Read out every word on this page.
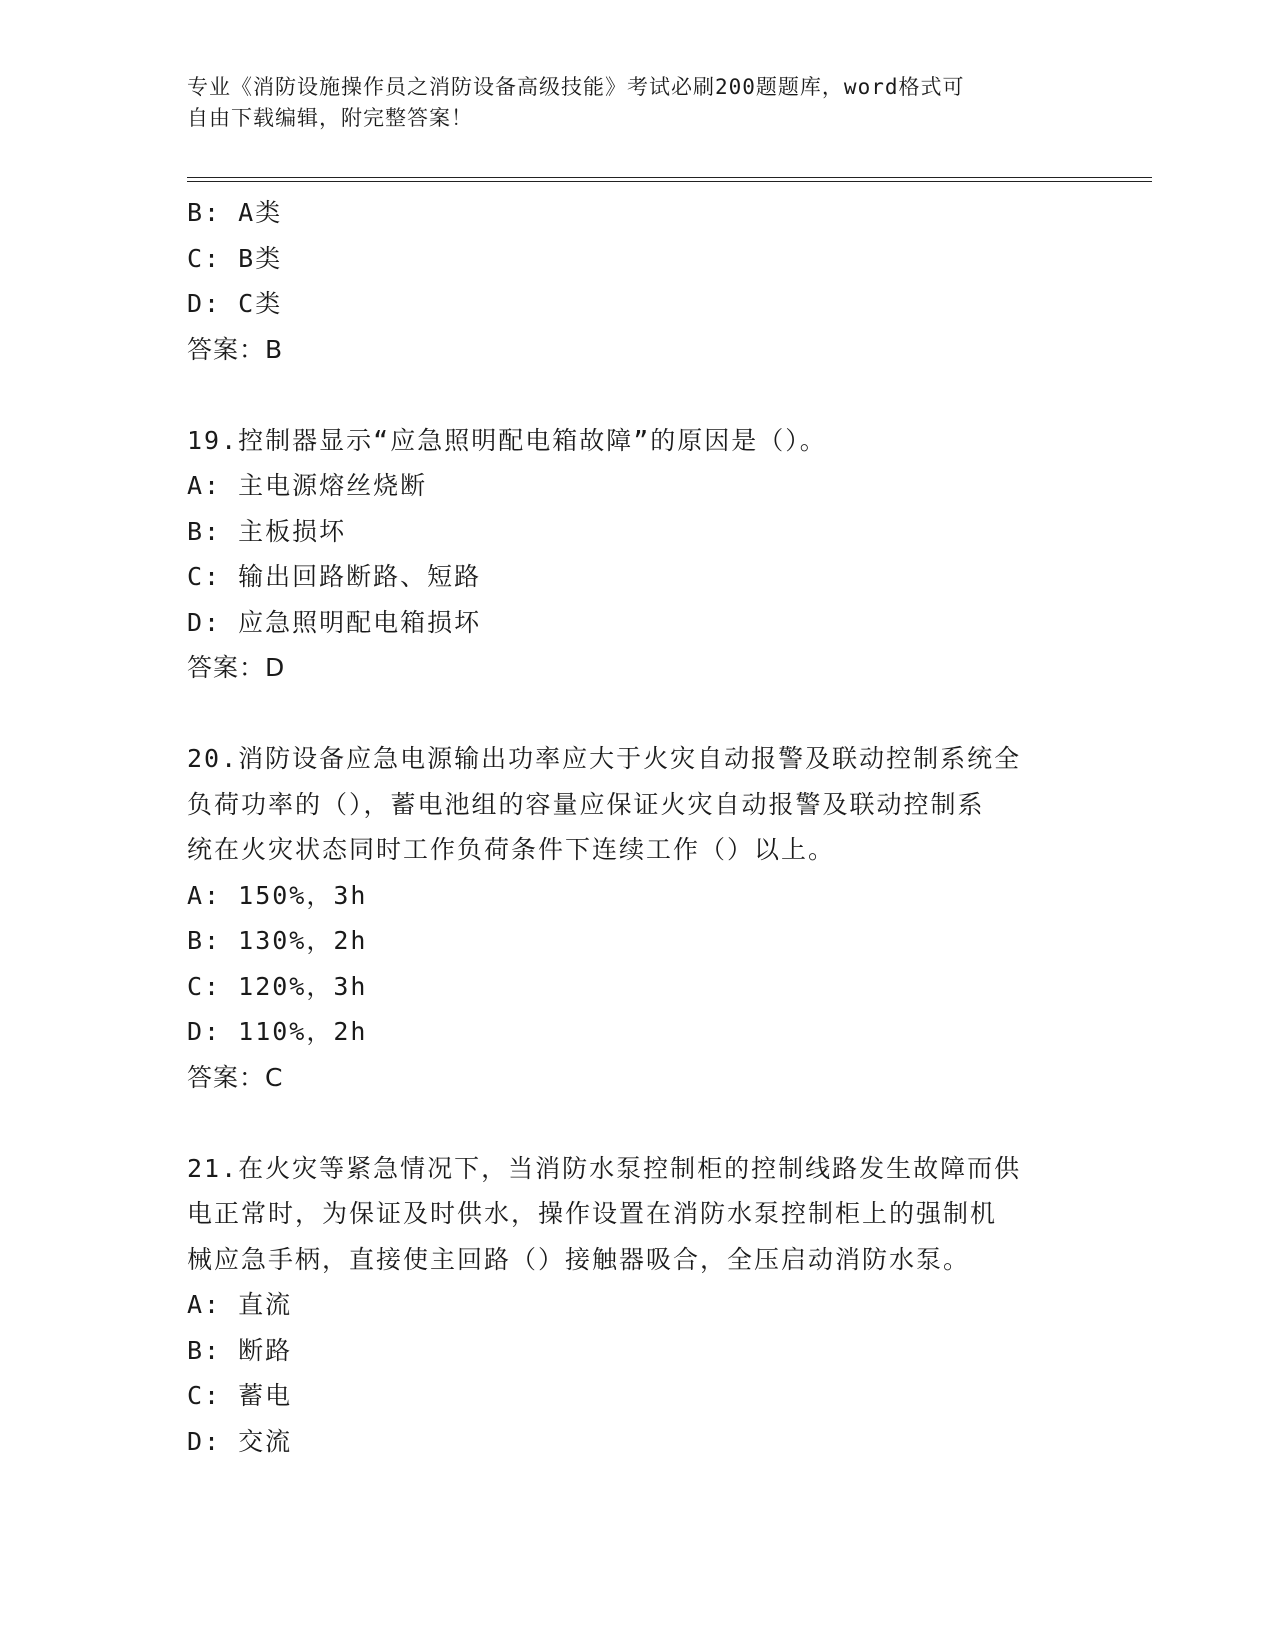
专业《消防设施操作员之消防设备高级技能》考试必刷200题题库，word格式可
自由下载编辑，附完整答案！
B: A类
C: B类
D: C类
答案：B
19.控制器显示“应急照明配电箱故障”的原因是（）。
A: 主电源熔丝烧断
B: 主板损坏
C: 输出回路断路、短路
D: 应急照明配电箱损坏
答案：D
20.消防设备应急电源输出功率应大于火灾自动报警及联动控制系统全
负荷功率的（），蓄电池组的容量应保证火灾自动报警及联动控制系
统在火灾状态同时工作负荷条件下连续工作（）以上。
A: 150%，3h
B: 130%，2h
C: 120%，3h
D: 110%，2h
答案：C
21.在火灾等紧急情况下，当消防水泵控制柜的控制线路发生故障而供
电正常时，为保证及时供水，操作设置在消防水泵控制柜上的强制机
械应急手柄，直接使主回路（）接触器吸合，全压启动消防水泵。
A: 直流
B: 断路
C: 蓄电
D: 交流
